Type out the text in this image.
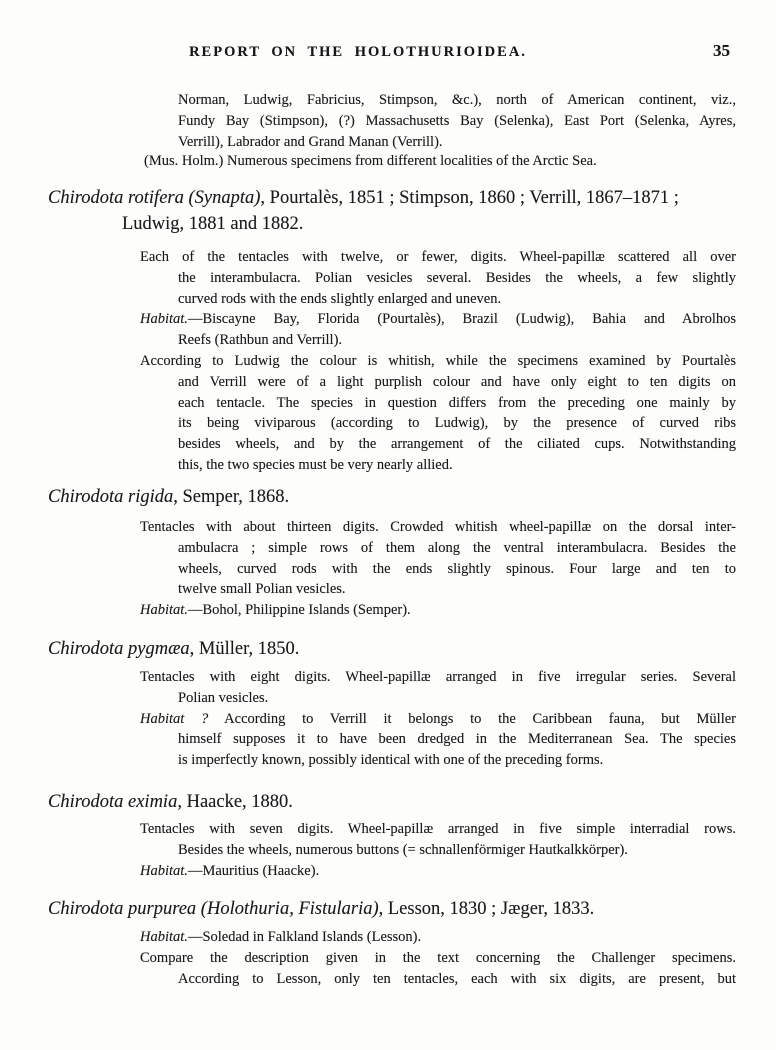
REPORT ON THE HOLOTHURIOIDEA.	35
Norman, Ludwig, Fabricius, Stimpson, &c.), north of American continent, viz.,
Fundy Bay (Stimpson), (?) Massachusetts Bay (Selenka), East Port (Selenka, Ayres,
Verrill), Labrador and Grand Manan (Verrill).
(Mus. Holm.) Numerous specimens from different localities of the Arctic Sea.
Chirodota rotifera (Synapta), Pourtalès, 1851 ; Stimpson, 1860 ; Verrill, 1867–1871 ;
Ludwig, 1881 and 1882.
Each of the tentacles with twelve, or fewer, digits. Wheel-papillæ scattered all over
the interambulacra. Polian vesicles several. Besides the wheels, a few slightly
curved rods with the ends slightly enlarged and uneven.
Habitat.—Biscayne Bay, Florida (Pourtalès), Brazil (Ludwig), Bahia and Abrolhos
Reefs (Rathbun and Verrill).
According to Ludwig the colour is whitish, while the specimens examined by Pourtalès
and Verrill were of a light purplish colour and have only eight to ten digits on
each tentacle. The species in question differs from the preceding one mainly by
its being viviparous (according to Ludwig), by the presence of curved ribs
besides wheels, and by the arrangement of the ciliated cups. Notwithstanding
this, the two species must be very nearly allied.
Chirodota rigida, Semper, 1868.
Tentacles with about thirteen digits. Crowded whitish wheel-papillæ on the dorsal inter-
ambulacra ; simple rows of them along the ventral interambulacra. Besides the
wheels, curved rods with the ends slightly spinous. Four large and ten to
twelve small Polian vesicles.
Habitat.—Bohol, Philippine Islands (Semper).
Chirodota pygmæa, Müller, 1850.
Tentacles with eight digits. Wheel-papillæ arranged in five irregular series. Several
Polian vesicles.
Habitat ? According to Verrill it belongs to the Caribbean fauna, but Müller
himself supposes it to have been dredged in the Mediterranean Sea. The species
is imperfectly known, possibly identical with one of the preceding forms.
Chirodota eximia, Haacke, 1880.
Tentacles with seven digits. Wheel-papillæ arranged in five simple interradial rows.
Besides the wheels, numerous buttons (= schnallenförmiger Hautkalkkörper).
Habitat.—Mauritius (Haacke).
Chirodota purpurea (Holothuria, Fistularia), Lesson, 1830 ; Jæger, 1833.
Habitat.—Soledad in Falkland Islands (Lesson).
Compare the description given in the text concerning the Challenger specimens.
According to Lesson, only ten tentacles, each with six digits, are present, but
